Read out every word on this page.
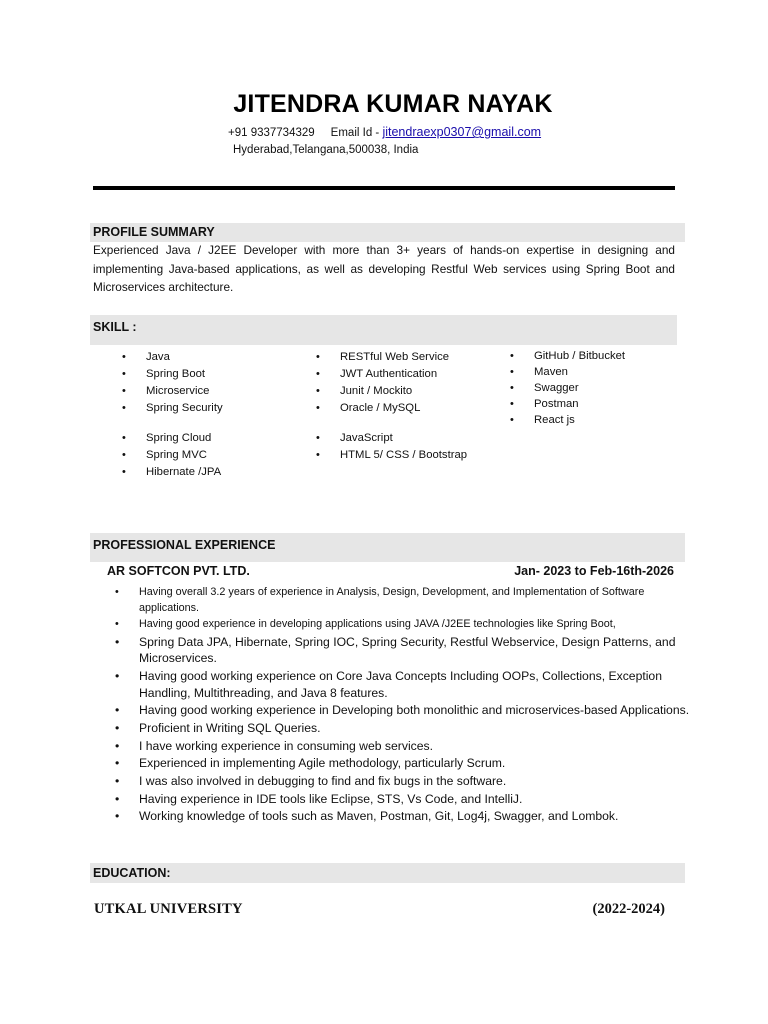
JITENDRA KUMAR NAYAK
+91 9337734329 Email Id - jitendraexp0307@gmail.com
Hyderabad,Telangana,500038, India
PROFILE SUMMARY
Experienced Java / J2EE Developer with more than 3+ years of hands-on expertise in designing and implementing Java-based applications, as well as developing Restful Web services using Spring Boot and Microservices architecture.
SKILL :
• Java
• Spring Boot
• Microservice
• Spring Security
• Spring Cloud
• Spring MVC
• Hibernate /JPA
• RESTful Web Service
• JWT Authentication
• Junit / Mockito
• Oracle / MySQL
• JavaScript
• HTML 5/ CSS / Bootstrap
• GitHub / Bitbucket
• Maven
• Swagger
• Postman
• React js
PROFESSIONAL EXPERIENCE
AR SOFTCON PVT. LTD.	Jan- 2023 to Feb-16th-2026
• Having overall 3.2 years of experience in Analysis, Design, Development, and Implementation of Software applications.
• Having good experience in developing applications using JAVA /J2EE technologies like Spring Boot,
• Spring Data JPA, Hibernate, Spring IOC, Spring Security, Restful Webservice, Design Patterns, and Microservices.
• Having good working experience on Core Java Concepts Including OOPs, Collections, Exception Handling, Multithreading, and Java 8 features.
• Having good working experience in Developing both monolithic and microservices-based Applications.
• Proficient in Writing SQL Queries.
• I have working experience in consuming web services.
• Experienced in implementing Agile methodology, particularly Scrum.
• I was also involved in debugging to find and fix bugs in the software.
• Having experience in IDE tools like Eclipse, STS, Vs Code, and IntelliJ.
• Working knowledge of tools such as Maven, Postman, Git, Log4j, Swagger, and Lombok.
EDUCATION:
UTKAL UNIVERSITY	(2022-2024)
